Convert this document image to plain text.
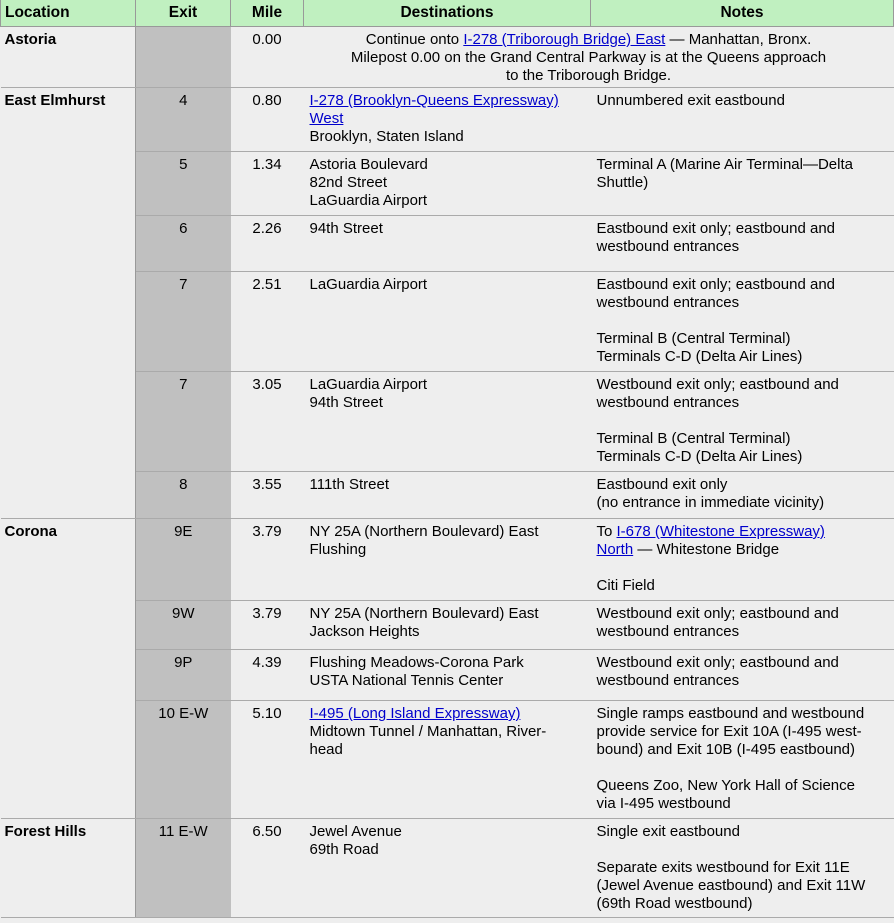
Location	Exit	Mile	Destinations	Notes
Astoria		0.00	Continue onto I-278 (Triborough Bridge) East — Manhattan, Bronx.
Milepost 0.00 on the Grand Central Parkway is at the Queens approach
to the Triborough Bridge.	

East Elmhurst	4	0.80	I-278 (Brooklyn-Queens Expressway)
West
Brooklyn, Staten Island	Unnumbered exit eastbound
	5	1.34	Astoria Boulevard
82nd Street
LaGuardia Airport	Terminal A (Marine Air Terminal—Delta
Shuttle)

	6	2.26	94th Street	Eastbound exit only; eastbound and
westbound entrances

	7	2.51	LaGuardia Airport	Eastbound exit only; eastbound and
westbound entrances
Terminal B (Central Terminal)
Terminals C-D (Delta Air Lines)

	7	3.05	LaGuardia Airport
94th Street	Westbound exit only; eastbound and
westbound entrances
Terminal B (Central Terminal)
Terminals C-D (Delta Air Lines)

	8	3.55	111th Street	Eastbound exit only
(no entrance in immediate vicinity)

Corona	9E	3.79	NY 25A (Northern Boulevard) East
Flushing	To I-678 (Whitestone Expressway)
North — Whitestone Bridge
Citi Field

	9W	3.79	NY 25A (Northern Boulevard) East
Jackson Heights	Westbound exit only; eastbound and
westbound entrances

	9P	4.39	Flushing Meadows-Corona Park
USTA National Tennis Center	Westbound exit only; eastbound and
westbound entrances

	10 E-W	5.10	I-495 (Long Island Expressway)
Midtown Tunnel / Manhattan, River-
head	Single ramps eastbound and westbound
provide service for Exit 10A (I-495 west-
bound) and Exit 10B (I-495 eastbound)
Queens Zoo, New York Hall of Science
via I-495 westbound

Forest Hills	11 E-W	6.50	Jewel Avenue
69th Road	Single exit eastbound
Separate exits westbound for Exit 11E
(Jewel Avenue eastbound) and Exit 11W
(69th Road westbound)
